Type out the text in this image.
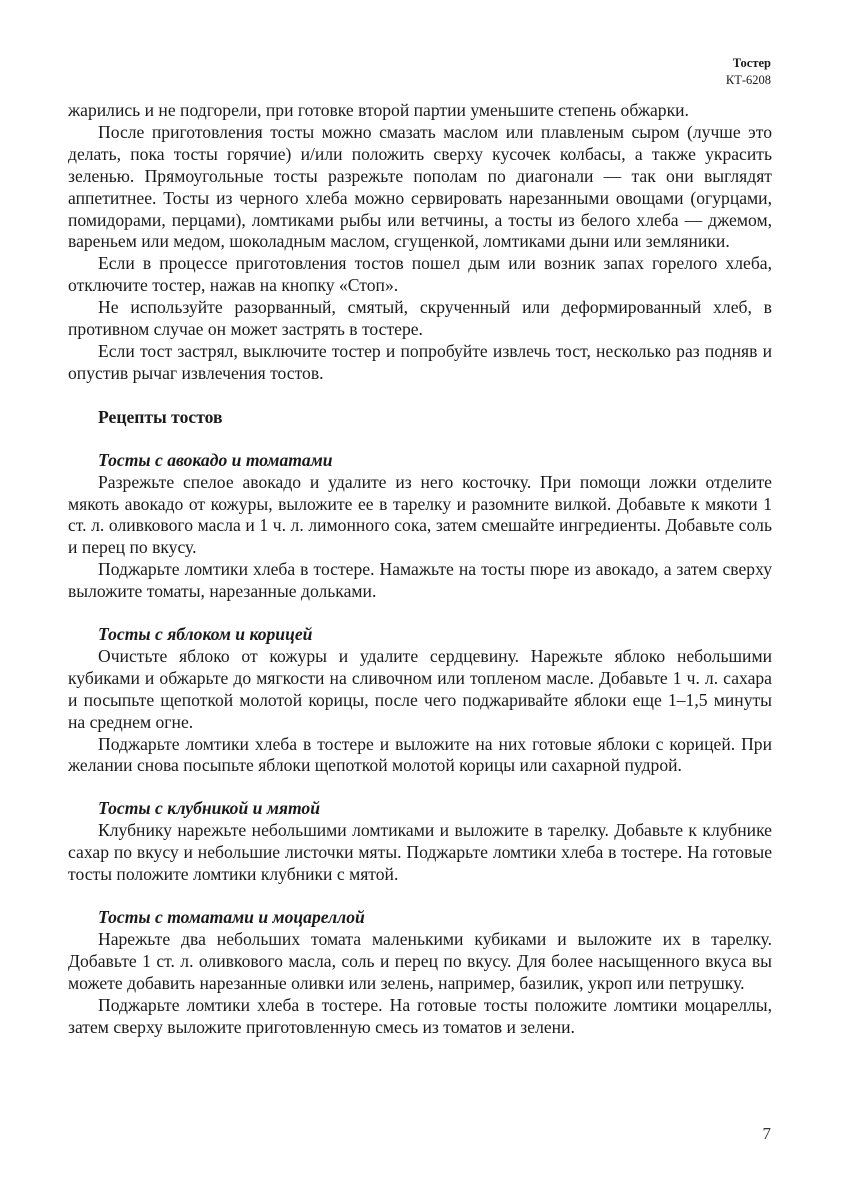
Тостер
КТ-6208

жарились и не подгорели, при готовке второй партии уменьшите степень обжарки.

После приготовления тосты можно смазать маслом или плавленым сыром (лучше это делать, пока тосты горячие) и/или положить сверху кусочек колбасы, а также украсить зеленью. Прямоугольные тосты разрежьте пополам по диагонали — так они выглядят аппетитнее. Тосты из черного хлеба можно сервировать нарезанными овощами (огурцами, помидорами, перцами), ломтиками рыбы или ветчины, а тосты из белого хлеба — джемом, вареньем или медом, шоколадным маслом, сгущенкой, ломтиками дыни или земляники.

Если в процессе приготовления тостов пошел дым или возник запах горелого хлеба, отключите тостер, нажав на кнопку «Стоп».

Не используйте разорванный, смятый, скрученный или деформированный хлеб, в противном случае он может застрять в тостере.

Если тост застрял, выключите тостер и попробуйте извлечь тост, несколько раз подняв и опустив рычаг извлечения тостов.

Рецепты тостов
Тосты с авокадо и томатами

Разрежьте спелое авокадо и удалите из него косточку. При помощи ложки отделите мякоть авокадо от кожуры, выложите ее в тарелку и разомните вилкой. Добавьте к мякоти 1 ст. л. оливкового масла и 1 ч. л. лимонного сока, затем смешайте ингредиенты. Добавьте соль и перец по вкусу.

Поджарьте ломтики хлеба в тостере. Намажьте на тосты пюре из авокадо, а затем сверху выложите томаты, нарезанные дольками.

Тосты с яблоком и корицей

Очистьте яблоко от кожуры и удалите сердцевину. Нарежьте яблоко небольшими кубиками и обжарьте до мягкости на сливочном или топленом масле. Добавьте 1 ч. л. сахара и посыпьте щепоткой молотой корицы, после чего поджаривайте яблоки еще 1–1,5 минуты на среднем огне.

Поджарьте ломтики хлеба в тостере и выложите на них готовые яблоки с корицей. При желании снова посыпьте яблоки щепоткой молотой корицы или сахарной пудрой.

Тосты с клубникой и мятой

Клубнику нарежьте небольшими ломтиками и выложите в тарелку. Добавьте к клубнике сахар по вкусу и небольшие листочки мяты. Поджарьте ломтики хлеба в тостере. На готовые тосты положите ломтики клубники с мятой.

Тосты с томатами и моцареллой

Нарежьте два небольших томата маленькими кубиками и выложите их в тарелку. Добавьте 1 ст. л. оливкового масла, соль и перец по вкусу. Для более насыщенного вкуса вы можете добавить нарезанные оливки или зелень, например, базилик, укроп или петрушку.

Поджарьте ломтики хлеба в тостере. На готовые тосты положите ломтики моцареллы, затем сверху выложите приготовленную смесь из томатов и зелени.

7
